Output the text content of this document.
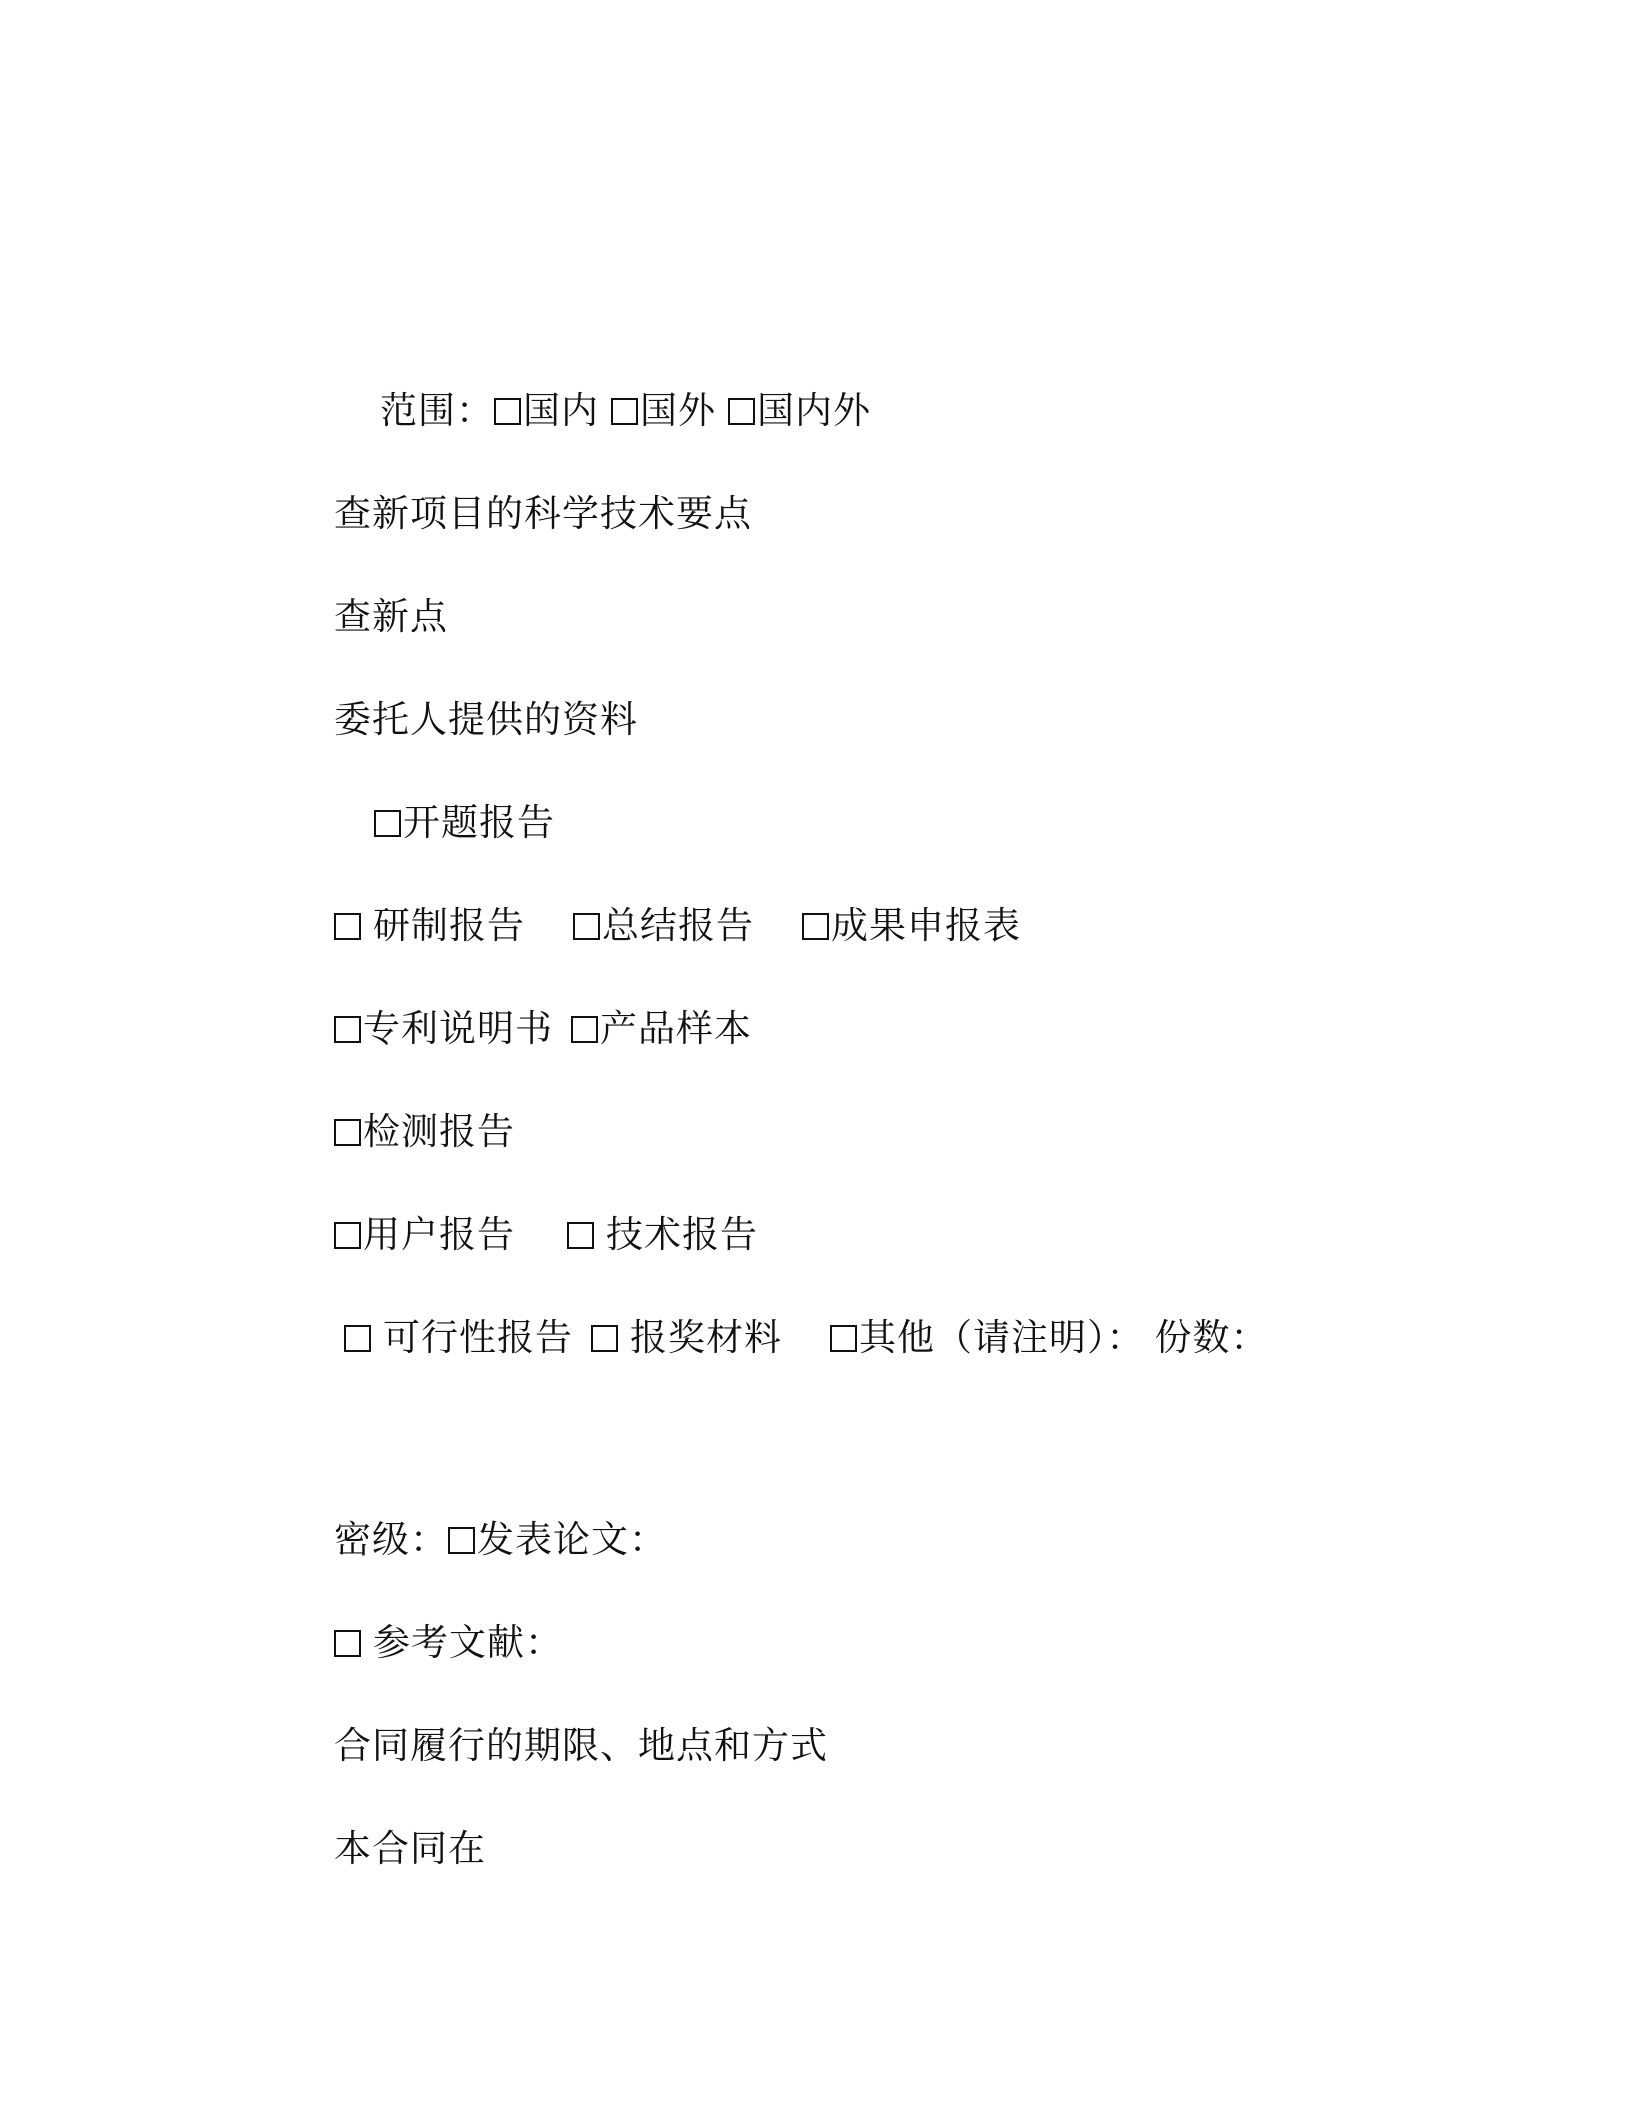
范围： 国内 国外 国内外
查新项目的科学技术要点
查新点
委托人提供的资料
开题报告
研制报告 总结报告 成果申报表
专利说明书 产品样本
检测报告
用户报告 技术报告
可行性报告 报奖材料 其他（请注明）： 份数：
密级： 发表论文：
参考文献：
合同履行的期限、地点和方式
本合同在
